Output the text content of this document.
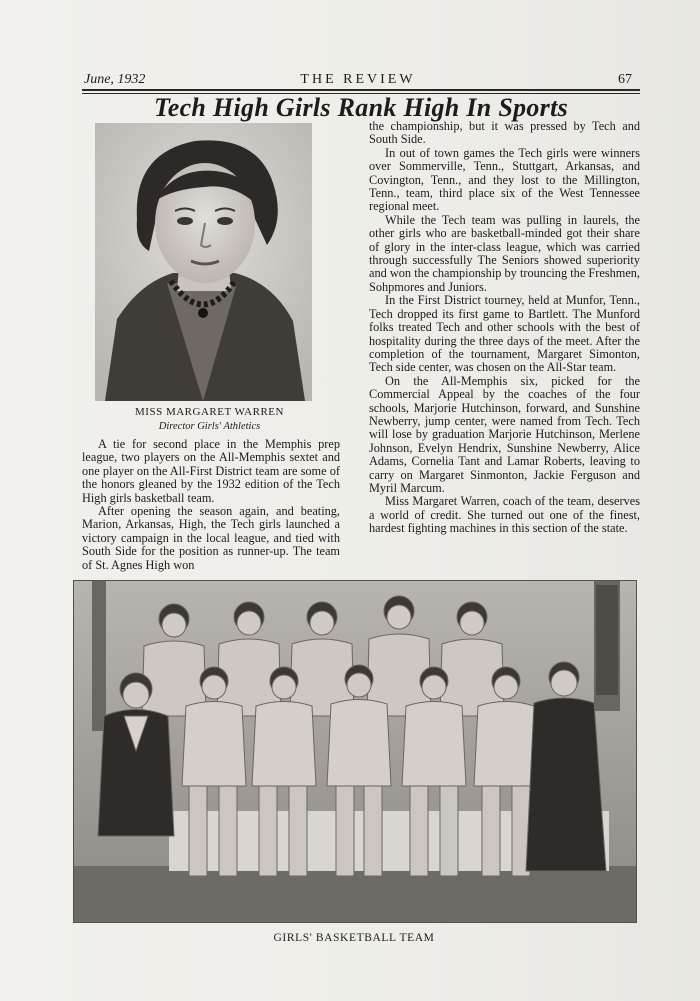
June, 1932	THE REVIEW	67
Tech High Girls Rank High In Sports
MISS MARGARET WARREN
Director Girls' Athletics

A tie for second place in the Memphis prep league, two players on the All-Memphis sextet and one player on the All-First District team are some of the honors gleaned by the 1932 edition of the Tech High girls basketball team.

After opening the season again, and beating, Marion, Arkansas, High, the Tech girls launched a victory campaign in the local league, and tied with South Side for the position as runner-up. The team of St. Agnes High won

the championship, but it was pressed by Tech and South Side.

In out of town games the Tech girls were winners over Sommerville, Tenn., Stuttgart, Arkansas, and Covington, Tenn., and they lost to the Millington, Tenn., team, third place six of the West Tennessee regional meet.

While the Tech team was pulling in laurels, the other girls who are basketball-minded got their share of glory in the inter-class league, which was carried through successfully The Seniors showed superiority and won the championship by trouncing the Freshmen, Sohpmores and Juniors.

In the First District tourney, held at Munfor, Tenn., Tech dropped its first game to Bartlett. The Munford folks treated Tech and other schools with the best of hospitality during the three days of the meet. After the completion of the tournament, Margaret Simonton, Tech side center, was chosen on the All-Star team.

On the All-Memphis six, picked for the Commercial Appeal by the coaches of the four schools, Marjorie Hutchinson, forward, and Sunshine Newberry, jump center, were named from Tech. Tech will lose by graduation Marjorie Hutchinson, Merlene Johnson, Evelyn Hendrix, Sunshine Newberry, Alice Adams, Cornelia Tant and Lamar Roberts, leaving to carry on Margaret Sinmonton, Jackie Ferguson and Myril Marcum.

Miss Margaret Warren, coach of the team, deserves a world of credit. She turned out one of the finest, hardest fighting machines in this section of the state.

GIRLS' BASKETBALL TEAM
